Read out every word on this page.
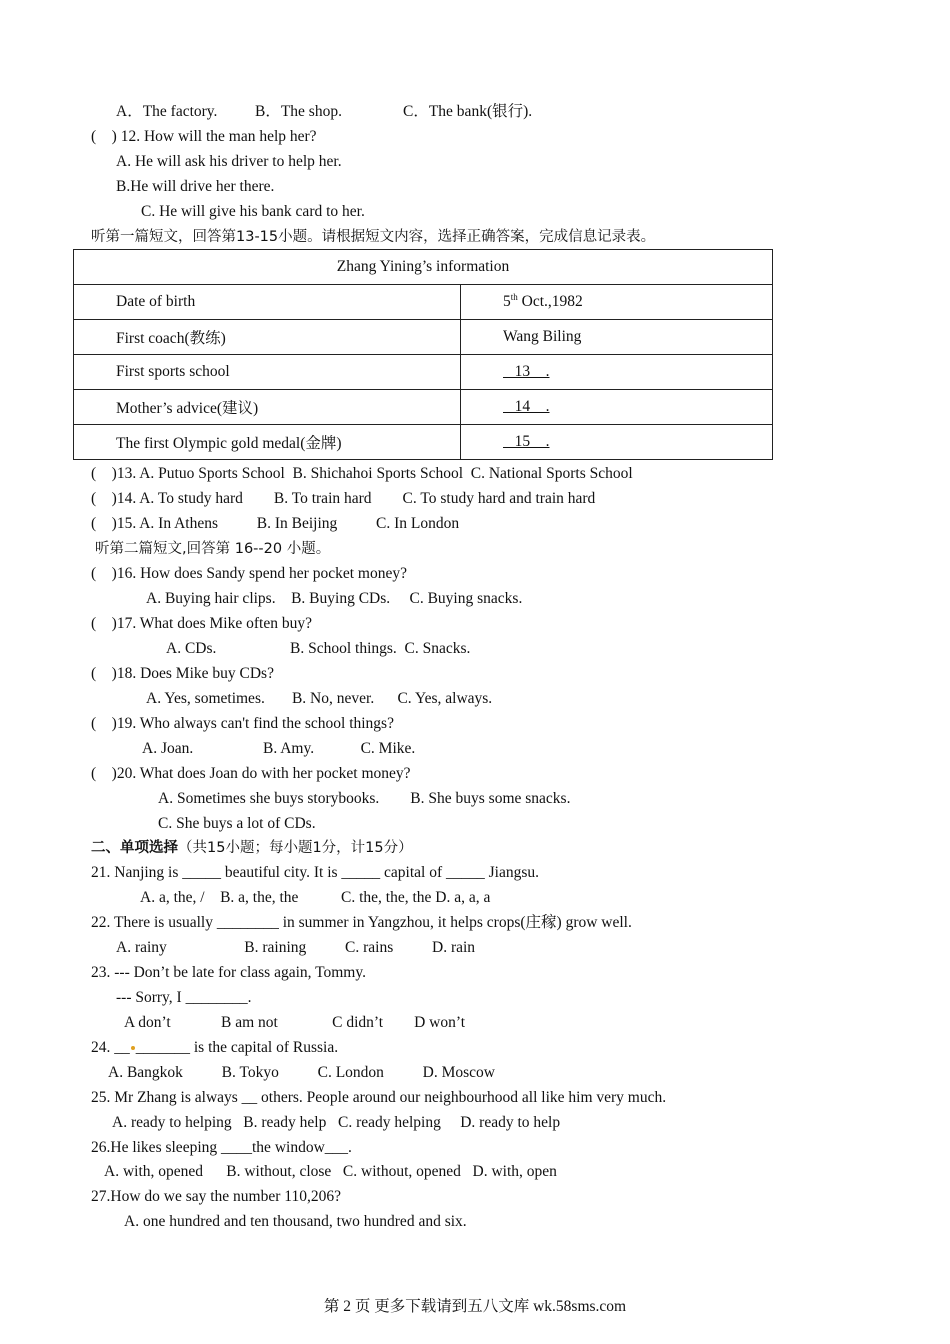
A．The factory. B．The shop.	C．The bank(银行).
(    ) 12. How will the man help her?
A. He will ask his driver to help her.
B.He will drive her there.
C. He will give his bank card to her.
听第一篇短文，回答第13-15小题。请根据短文内容，选择正确答案，完成信息记录表。
Zhang Yining’s information	
Date of birth	5th Oct.,1982
First coach(教练)	Wang Biling
First sports school	13    .
Mother’s advice(建议)	14    .
The first Olympic gold medal(金牌)	15    .
(    )13. A. Putuo Sports School  B. Shichahoi Sports School  C. National Sports School
(    )14. A. To study hard        B. To train hard        C. To study hard and train hard
(    )15. A. In Athens          B. In Beijing          C. In London
听第二篇短文,回答第 16--20 小题。
(    )16. How does Sandy spend her pocket money?
A. Buying hair clips.    B. Buying CDs.     C. Buying snacks.
(    )17. What does Mike often buy?
A. CDs.                   B. School things.  C. Snacks.
(    )18. Does Mike buy CDs?
A. Yes, sometimes.       B. No, never.      C. Yes, always.
(    )19. Who always can't find the school things?
A. Joan.                  B. Amy.            C. Mike.
(    )20. What does Joan do with her pocket money?
A. Sometimes she buys storybooks.        B. She buys some snacks.
C. She buys a lot of CDs.
二、单项选择（共15小题；每小题1分，计15分）
21. Nanjing is _____ beautiful city. It is _____ capital of _____ Jiangsu.
A. a, the, /    B. a, the, the           C. the, the, the D. a, a, a
22. There is usually ________ in summer in Yangzhou, it helps crops(庄稼) grow well.
A. rainy                    B. raining          C. rains          D. rain
23. --- Don’t be late for class again, Tommy.
--- Sorry, I ________.
A don’t             B am not              C didn’t        D won’t
24. __ _______ is the capital of Russia.
A. Bangkok          B. Tokyo          C. London          D. Moscow
25. Mr Zhang is always __ others. People around our neighbourhood all like him very much.
A. ready to helping   B. ready help   C. ready helping     D. ready to help
26.He likes sleeping ____the window___.
A. with, opened      B. without, close   C. without, opened   D. with, open
27.How do we say the number 110,206?
A. one hundred and ten thousand, two hundred and six.
第 2 页 更多下载请到五八文库 wk.58sms.com
